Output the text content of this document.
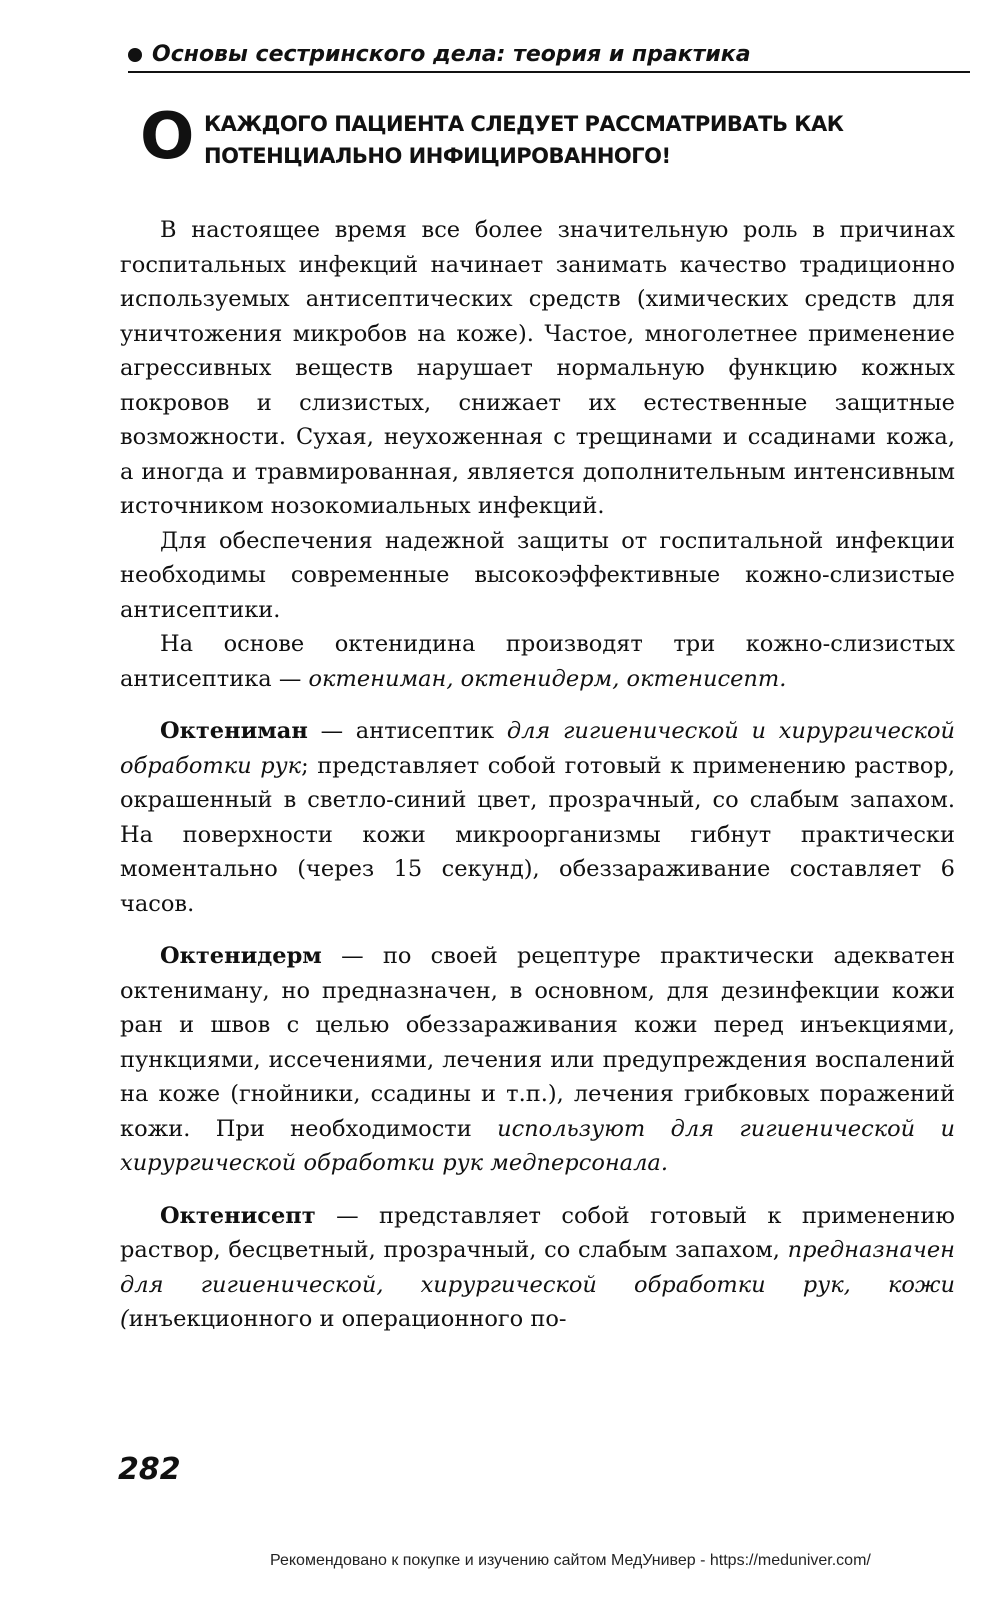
Основы сестринского дела: теория и практика
О КАЖДОГО ПАЦИЕНТА СЛЕДУЕТ РАССМАТРИВАТЬ КАК ПОТЕНЦИАЛЬНО ИНФИЦИРОВАННОГО!

В настоящее время все более значительную роль в причинах госпитальных инфекций начинает занимать качество традиционно используемых антисептических средств (химических средств для уничтожения микробов на коже). Частое, многолетнее применение агрессивных веществ нарушает нормальную функцию кожных покровов и слизистых, снижает их естественные защитные возможности. Сухая, неухоженная с трещинами и ссадинами кожа, а иногда и травмированная, является дополнительным интенсивным источником нозокомиальных инфекций.

Для обеспечения надежной защиты от госпитальной инфекции необходимы современные высокоэффективные кожно-слизистые антисептики.

На основе октенидина производят три кожно-слизистых антисептика — октениман, октенидерм, октенисепт.

Октениман — антисептик для гигиенической и хирургической обработки рук; представляет собой готовый к применению раствор, окрашенный в светло-синий цвет, прозрачный, со слабым запахом. На поверхности кожи микроорганизмы гибнут практически моментально (через 15 секунд), обеззараживание составляет 6 часов.

Октенидерм — по своей рецептуре практически адекватен октениману, но предназначен, в основном, для дезинфекции кожи ран и швов с целью обеззараживания кожи перед инъекциями, пункциями, иссечениями, лечения или предупреждения воспалений на коже (гнойники, ссадины и т.п.), лечения грибковых поражений кожи. При необходимости используют для гигиенической и хирургической обработки рук медперсонала.

Октенисепт — представляет собой готовый к применению раствор, бесцветный, прозрачный, со слабым запахом, предназначен для гигиенической, хирургической обработки рук, кожи (инъекционного и операционного по-

282
Рекомендовано к покупке и изучению сайтом МедУнивер - https://meduniver.com/
